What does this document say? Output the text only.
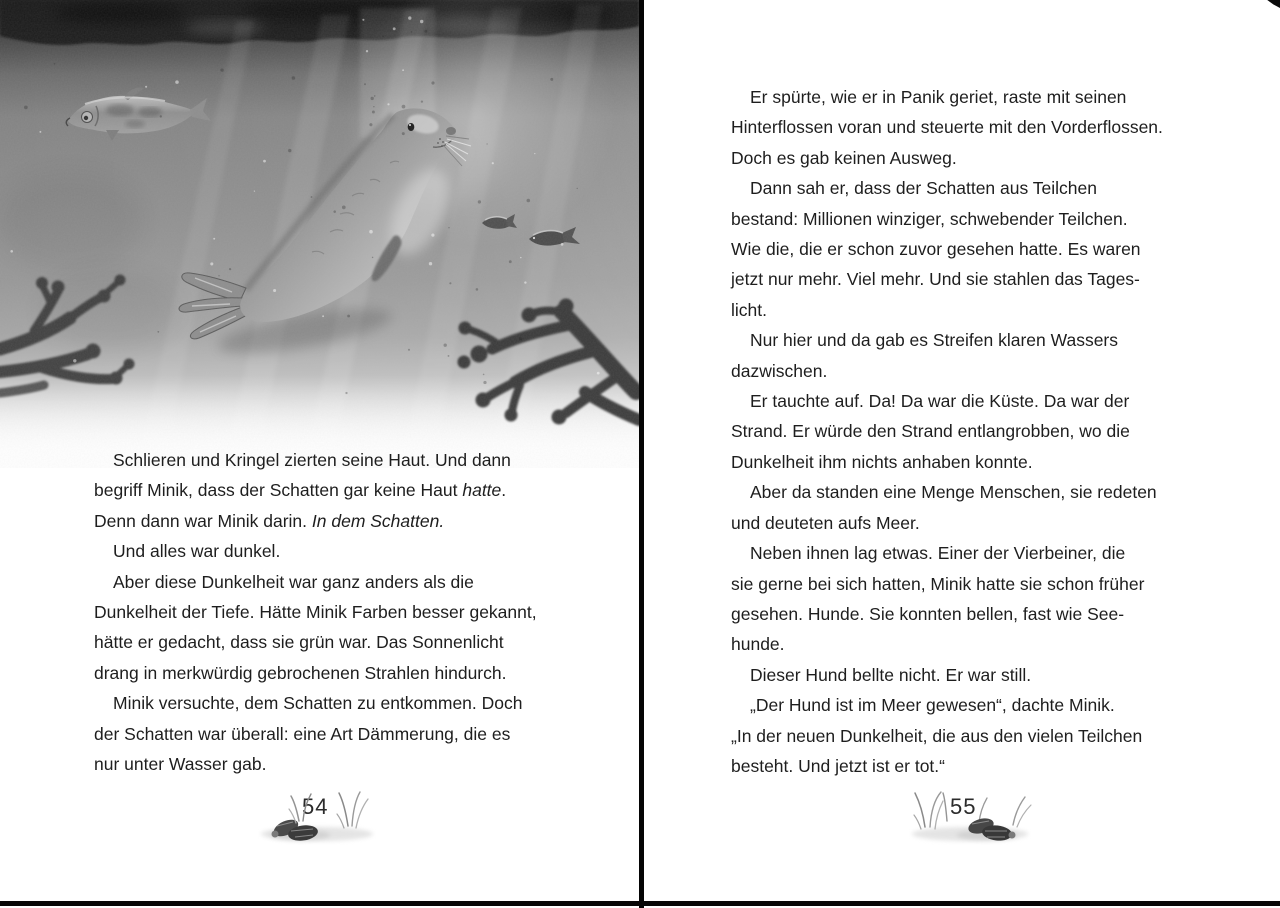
Schlieren und Kringel zierten seine Haut. Und dann
begriff Minik, dass der Schatten gar keine Haut hatte.
Denn dann war Minik darin. In dem Schatten.
Und alles war dunkel.
Aber diese Dunkelheit war ganz anders als die
Dunkelheit der Tiefe. Hätte Minik Farben besser gekannt,
hätte er gedacht, dass sie grün war. Das Sonnenlicht
drang in merkwürdig gebrochenen Strahlen hindurch.
Minik versuchte, dem Schatten zu entkommen. Doch
der Schatten war überall: eine Art Dämmerung, die es
nur unter Wasser gab.
54
Er spürte, wie er in Panik geriet, raste mit seinen
Hinterflossen voran und steuerte mit den Vorderflossen.
Doch es gab keinen Ausweg.
Dann sah er, dass der Schatten aus Teilchen
bestand: Millionen winziger, schwebender Teilchen.
Wie die, die er schon zuvor gesehen hatte. Es waren
jetzt nur mehr. Viel mehr. Und sie stahlen das Tages-
licht.
Nur hier und da gab es Streifen klaren Wassers
dazwischen.
Er tauchte auf. Da! Da war die Küste. Da war der
Strand. Er würde den Strand entlangrobben, wo die
Dunkelheit ihm nichts anhaben konnte.
Aber da standen eine Menge Menschen, sie redeten
und deuteten aufs Meer.
Neben ihnen lag etwas. Einer der Vierbeiner, die
sie gerne bei sich hatten, Minik hatte sie schon früher
gesehen. Hunde. Sie konnten bellen, fast wie See-
hunde.
Dieser Hund bellte nicht. Er war still.
„Der Hund ist im Meer gewesen“, dachte Minik.
„In der neuen Dunkelheit, die aus den vielen Teilchen
besteht. Und jetzt ist er tot.“
55
